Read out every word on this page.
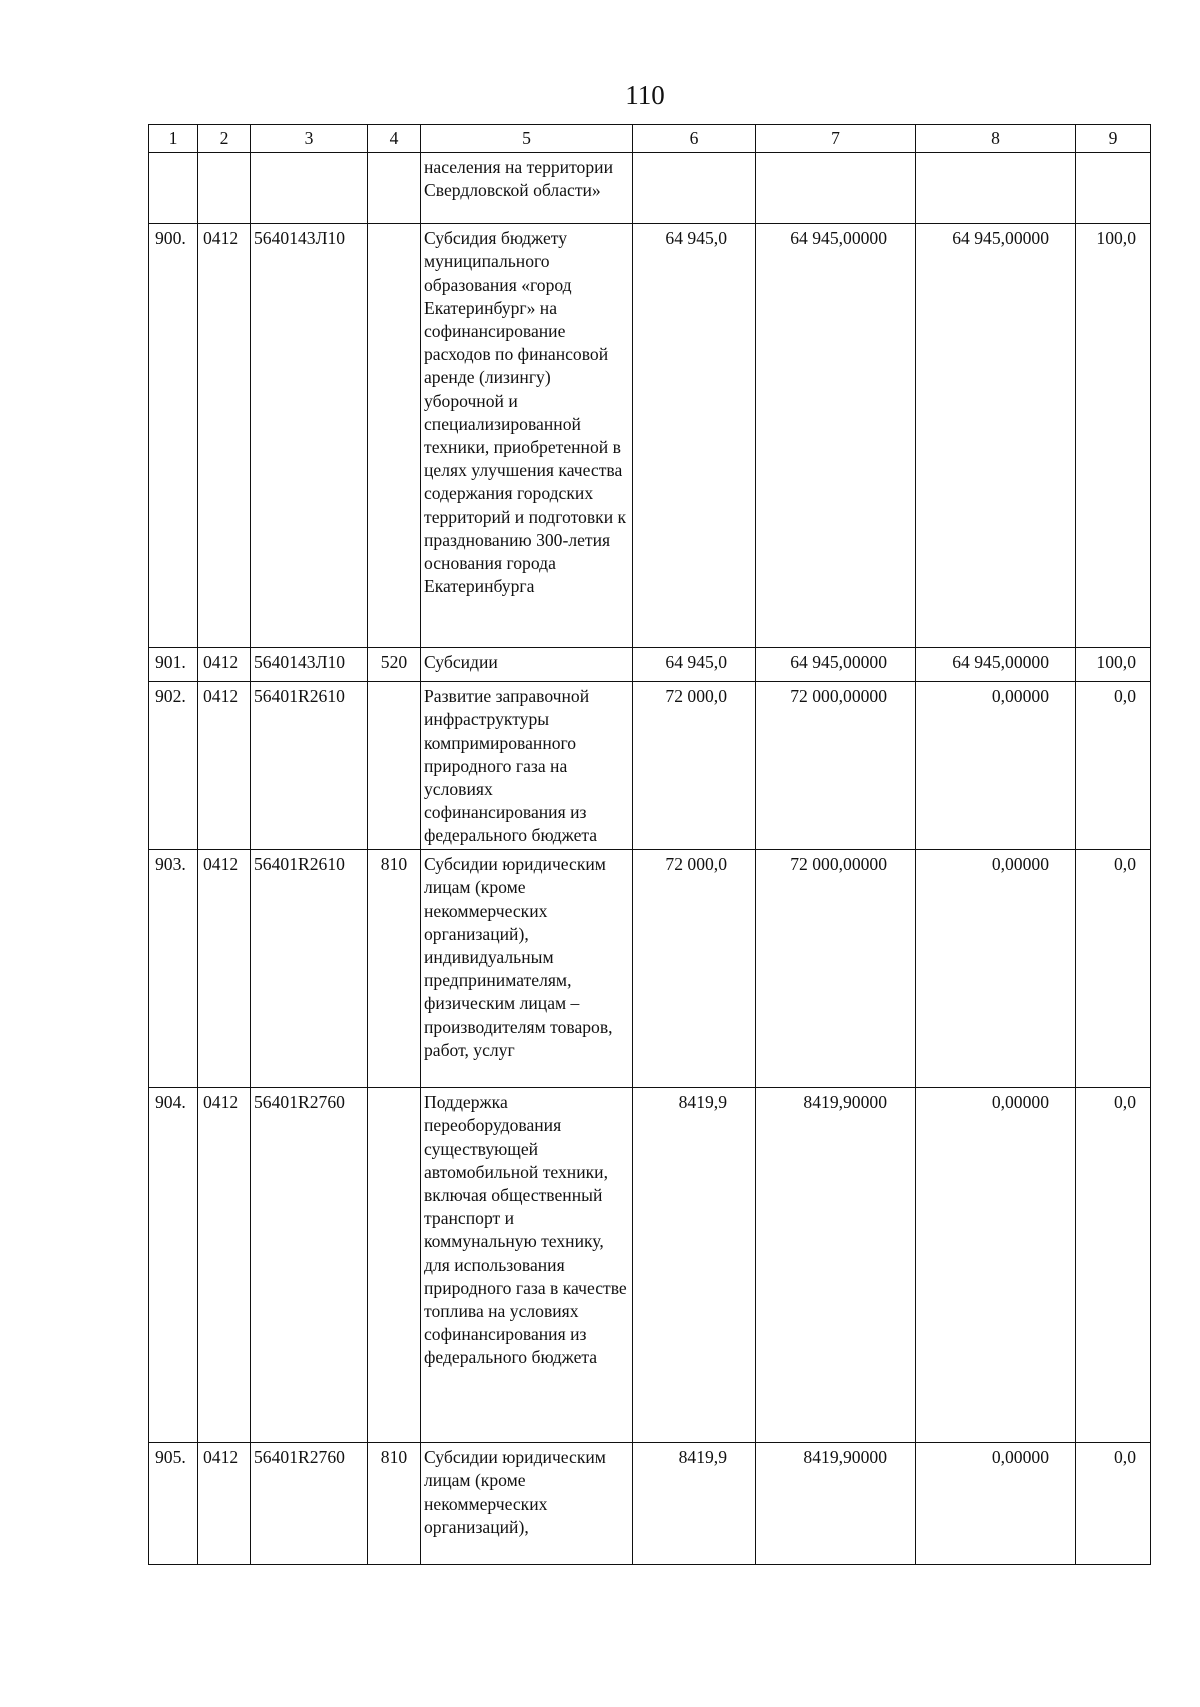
110
1	2	3	4	5	6	7	8	9
				населения на территории Свердловской области»				
900.	0412	5640143Л10		Субсидия бюджету муниципального образования «город Екатеринбург» на софинансирование расходов по финансовой аренде (лизингу) уборочной и специализированной техники, приобретенной в целях улучшения качества содержания городских территорий и подготовки к празднованию 300-летия основания города Екатеринбурга	64 945,0	64 945,00000	64 945,00000	100,0
901.	0412	5640143Л10	520	Субсидии	64 945,0	64 945,00000	64 945,00000	100,0
902.	0412	56401R2610		Развитие заправочной инфраструктуры компримированного природного газа на условиях софинансирования из федерального бюджета	72 000,0	72 000,00000	0,00000	0,0
903.	0412	56401R2610	810	Субсидии юридическим лицам (кроме некоммерческих организаций), индивидуальным предпринимателям, физическим лицам – производителям товаров, работ, услуг	72 000,0	72 000,00000	0,00000	0,0
904.	0412	56401R2760		Поддержка переоборудования существующей автомобильной техники, включая общественный транспорт и коммунальную технику, для использования природного газа в качестве топлива на условиях софинансирования из федерального бюджета	8419,9	8419,90000	0,00000	0,0
905.	0412	56401R2760	810	Субсидии юридическим лицам (кроме некоммерческих организаций),	8419,9	8419,90000	0,00000	0,0
